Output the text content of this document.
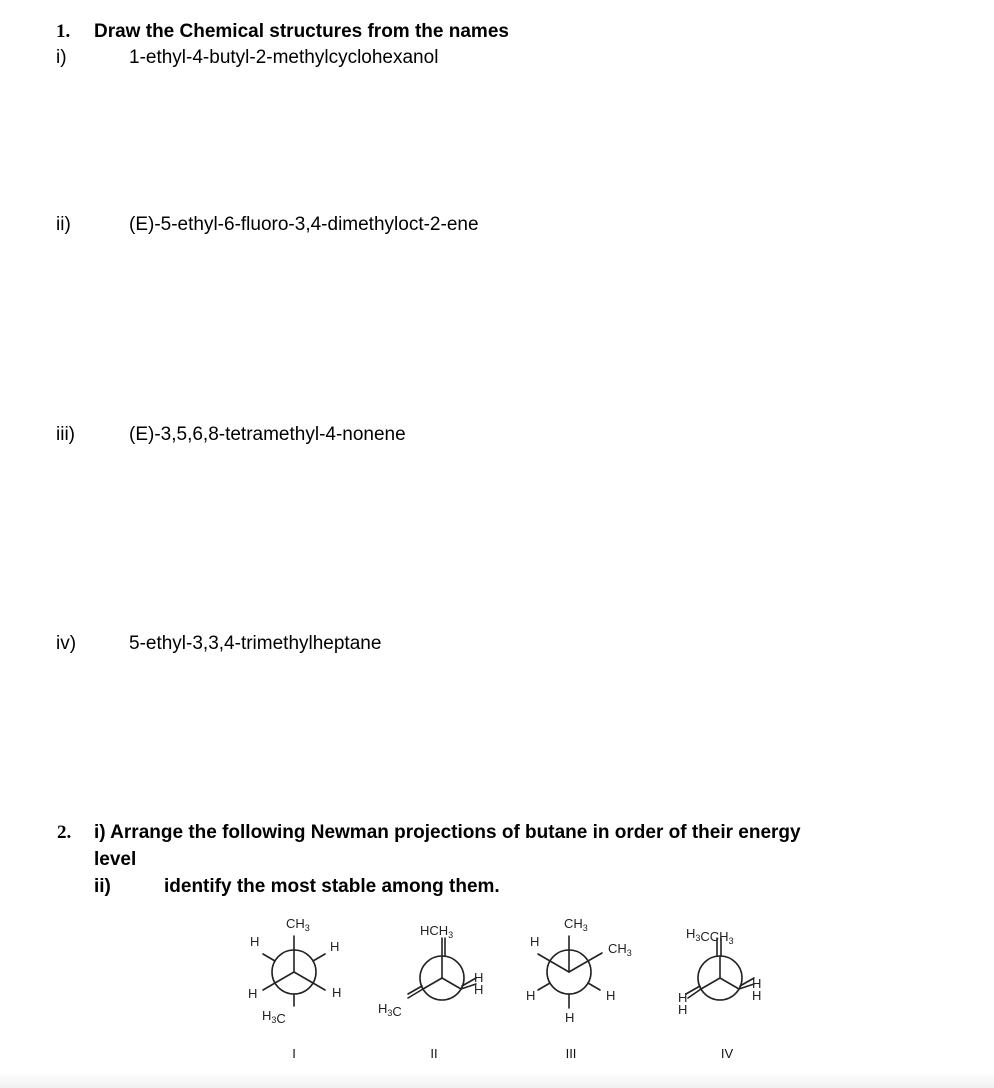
1. Draw the Chemical structures from the names
i)	1-ethyl-4-butyl-2-methylcyclohexanol
ii)	(E)-5-ethyl-6-fluoro-3,4-dimethyloct-2-ene
iii)	(E)-3,5,6,8-tetramethyl-4-nonene
iv)	5-ethyl-3,3,4-trimethylheptane
2. i) Arrange the following Newman projections of butane in order of their energy
level
ii)	identify the most stable among them.
$CH_3$
H	H
H	H
$H_3C$
$HCH_3$
H
H
$H_3C$
$CH_3$
H	$CH_3$
H	H
H
$H_3CCH_3$
H
H
H
H
I	II	III	IV
